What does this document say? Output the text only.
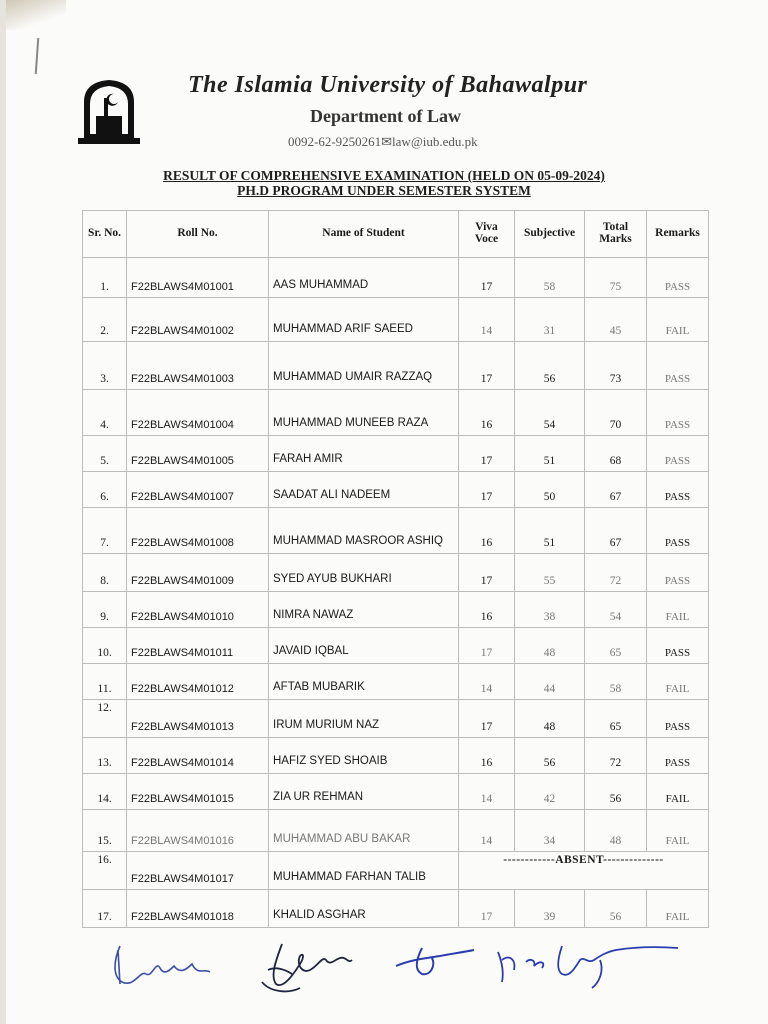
The Islamia University of Bahawalpur
Department of Law
0092-62-9250261✉law@iub.edu.pk
RESULT OF COMPREHENSIVE EXAMINATION (HELD ON 05-09-2024)
PH.D PROGRAM UNDER SEMESTER SYSTEM
Sr. No.	Roll No.	Name of Student	Viva Voce	Subjective	Total Marks	Remarks
1.	F22BLAWS4M01001	AAS MUHAMMAD	17	58	75	PASS
2.	F22BLAWS4M01002	MUHAMMAD ARIF SAEED	14	31	45	FAIL
3.	F22BLAWS4M01003	MUHAMMAD UMAIR RAZZAQ	17	56	73	PASS
4.	F22BLAWS4M01004	MUHAMMAD MUNEEB RAZA	16	54	70	PASS
5.	F22BLAWS4M01005	FARAH AMIR	17	51	68	PASS
6.	F22BLAWS4M01007	SAADAT ALI NADEEM	17	50	67	PASS
7.	F22BLAWS4M01008	MUHAMMAD MASROOR ASHIQ	16	51	67	PASS
8.	F22BLAWS4M01009	SYED AYUB BUKHARI	17	55	72	PASS
9.	F22BLAWS4M01010	NIMRA NAWAZ	16	38	54	FAIL
10.	F22BLAWS4M01011	JAVAID IQBAL	17	48	65	PASS
11.	F22BLAWS4M01012	AFTAB MUBARIK	14	44	58	FAIL
12.	F22BLAWS4M01013	IRUM MURIUM NAZ	17	48	65	PASS
13.	F22BLAWS4M01014	HAFIZ SYED SHOAIB	16	56	72	PASS
14.	F22BLAWS4M01015	ZIA UR REHMAN	14	42	56	FAIL
15.	F22BLAWS4M01016	MUHAMMAD ABU BAKAR	14	34	48	FAIL
16.	F22BLAWS4M01017	MUHAMMAD FARHAN TALIB	------------ABSENT--------------			
17.	F22BLAWS4M01018	KHALID ASGHAR	17	39	56	FAIL
